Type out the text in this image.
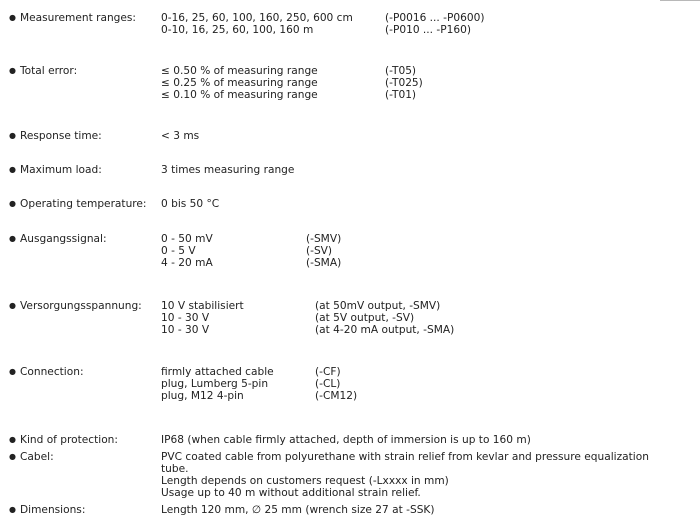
● Measurement ranges: 0-16, 25, 60, 100, 160, 250, 600 cm	(-P0016 ... -P0600)
0-10, 16, 25, 60, 100, 160 m	(-P010 ... -P160)
● Total error:	≤ 0.50 % of measuring range	(-T05)
≤ 0.25 % of measuring range	(-T025)
≤ 0.10 % of measuring range	(-T01)
● Response time:	< 3 ms
● Maximum load:	3 times measuring range
● Operating temperature: 0 bis 50 °C
● Ausgangssignal:	0 - 50 mV	(-SMV)
0 - 5 V	(-SV)
4 - 20 mA	(-SMA)
● Versorgungsspannung: 10 V stabilisiert	(at 50mV output, -SMV)
10 - 30 V	(at 5V output, -SV)
10 - 30 V	(at 4-20 mA output, -SMA)
● Connection:	firmly attached cable	(-CF)
plug, Lumberg 5-pin	(-CL)
plug, M12 4-pin	(-CM12)
● Kind of protection:	IP68 (when cable firmly attached, depth of immersion is up to 160 m)
● Cabel:	PVC coated cable from polyurethane with strain relief from kevlar and pressure equalization
tube.
Length depends on customers request (-Lxxxx in mm)
Usage up to 40 m without additional strain relief.
● Dimensions:	Length 120 mm, ∅ 25 mm (wrench size 27 at -SSK)
